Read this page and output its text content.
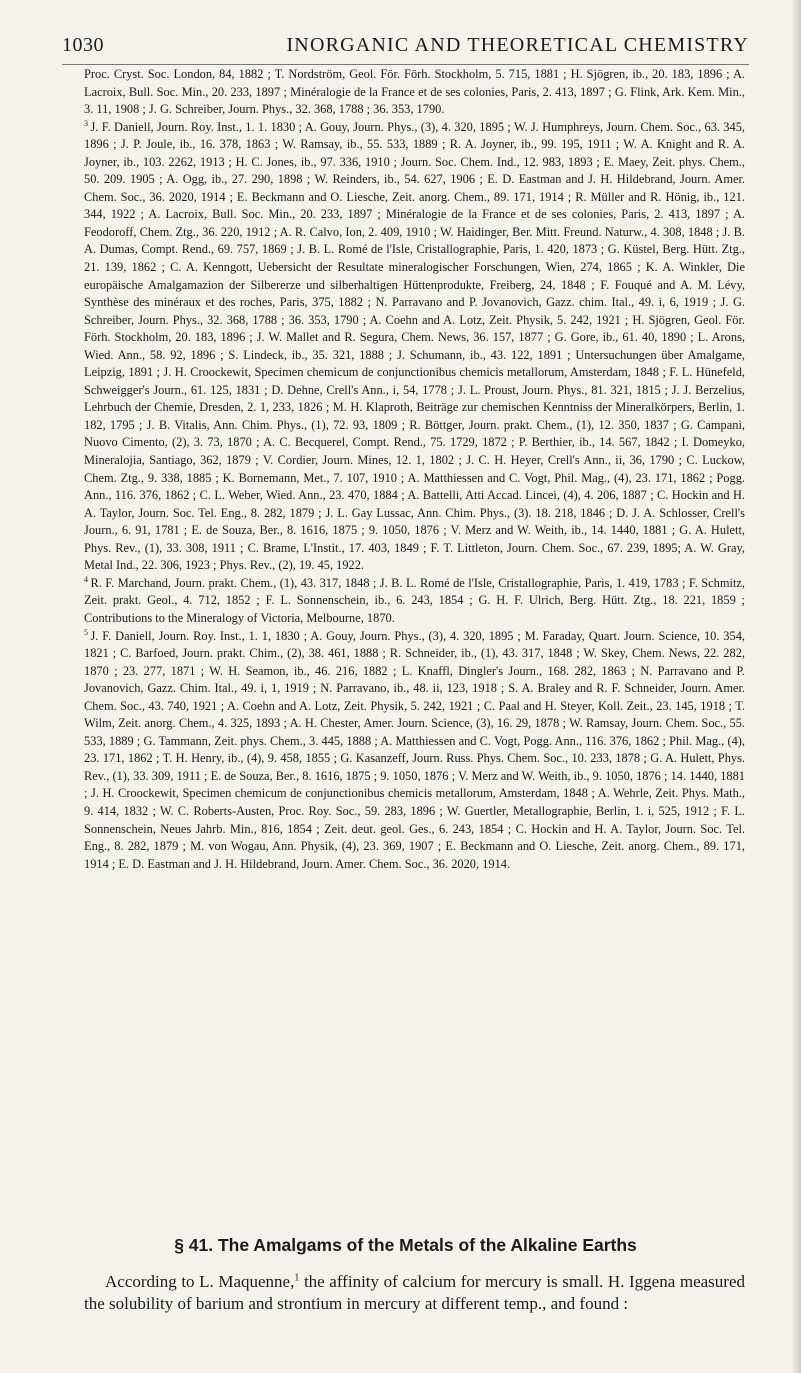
1030	INORGANIC AND THEORETICAL CHEMISTRY

Proc. Cryst. Soc. London, 84, 1882 ; T. Nordström, Geol. För. Förh. Stockholm, 5. 715, 1881 ; H. Sjögren, ib., 20. 183, 1896 ; A. Lacroix, Bull. Soc. Min., 20. 233, 1897 ; Minéralogie de la France et de ses colonies, Paris, 2. 413, 1897 ; G. Flink, Ark. Kem. Min., 3. 11, 1908 ; J. G. Schreiber, Journ. Phys., 32. 368, 1788 ; 36. 353, 1790.

$^3$  J. F. Daniell, Journ. Roy. Inst., 1. 1. 1830 ; A. Gouy, Journ. Phys., (3), 4. 320, 1895 ; W. J. Humphreys, Journ. Chem. Soc., 63. 345, 1896 ; J. P. Joule, ib., 16. 378, 1863 ; W. Ramsay, ib., 55. 533, 1889 ; R. A. Joyner, ib., 99. 195, 1911 ; W. A. Knight and R. A. Joyner, ib., 103. 2262, 1913 ; H. C. Jones, ib., 97. 336, 1910 ; Journ. Soc. Chem. Ind., 12. 983, 1893 ; E. Maey, Zeit. phys. Chem., 50. 209. 1905 ; A. Ogg, ib., 27. 290, 1898 ; W. Reinders, ib., 54. 627, 1906 ; E. D. Eastman and J. H. Hildebrand, Journ. Amer. Chem. Soc., 36. 2020, 1914 ; E. Beckmann and O. Liesche, Zeit. anorg. Chem., 89. 171, 1914 ; R. Müller and R. Hönig, ib., 121. 344, 1922 ; A. Lacroix, Bull. Soc. Min., 20. 233, 1897 ; Minéralogie de la France et de ses colonies, Paris, 2. 413, 1897 ; A. Feodoroff, Chem. Ztg., 36. 220, 1912 ; A. R. Calvo, Ion, 2. 409, 1910 ; W. Haidinger, Ber. Mitt. Freund. Naturw., 4. 308, 1848 ; J. B. A. Dumas, Compt. Rend., 69. 757, 1869 ; J. B. L. Romé de l'Isle, Cristallographie, Paris, 1. 420, 1873 ; G. Küstel, Berg. Hütt. Ztg., 21. 139, 1862 ; C. A. Kenngott, Uebersicht der Resultate mineralogischer Forschungen, Wien, 274, 1865 ; K. A. Winkler, Die europäische Amalgamazion der Silbererze und silberhaltigen Hüttenprodukte, Freiberg, 24, 1848 ; F. Fouqué and A. M. Lévy, Synthèse des minéraux et des roches, Paris, 375, 1882 ; N. Parravano and P. Jovanovich, Gazz. chim. Ital., 49. i, 6, 1919 ; J. G. Schreiber, Journ. Phys., 32. 368, 1788 ; 36. 353, 1790 ; A. Coehn and A. Lotz, Zeit. Physik, 5. 242, 1921 ; H. Sjögren, Geol. För. Förh. Stockholm, 20. 183, 1896 ; J. W. Mallet and R. Segura, Chem. News, 36. 157, 1877 ; G. Gore, ib., 61. 40, 1890 ; L. Arons, Wied. Ann., 58. 92, 1896 ; S. Lindeck, ib., 35. 321, 1888 ; J. Schumann, ib., 43. 122, 1891 ; Untersuchungen über Amalgame, Leipzig, 1891 ; J. H. Croockewit, Specimen chemicum de conjunctionibus chemicis metallorum, Amsterdam, 1848 ; F. L. Hünefeld, Schweigger's Journ., 61. 125, 1831 ; D. Dehne, Crell's Ann., i, 54, 1778 ; J. L. Proust, Journ. Phys., 81. 321, 1815 ; J. J. Berzelius, Lehrbuch der Chemie, Dresden, 2. 1, 233, 1826 ; M. H. Klaproth, Beiträge zur chemischen Kenntniss der Mineralkörpers, Berlin, 1. 182, 1795 ; J. B. Vitalis, Ann. Chim. Phys., (1), 72. 93, 1809 ; R. Böttger, Journ. prakt. Chem., (1), 12. 350, 1837 ; G. Campani, Nuovo Cimento, (2), 3. 73, 1870 ; A. C. Becquerel, Compt. Rend., 75. 1729, 1872 ; P. Berthier, ib., 14. 567, 1842 ; I. Domeyko, Mineralojia, Santiago, 362, 1879 ; V. Cordier, Journ. Mines, 12. 1, 1802 ; J. C. H. Heyer, Crell's Ann., ii, 36, 1790 ; C. Luckow, Chem. Ztg., 9. 338, 1885 ; K. Bornemann, Met., 7. 107, 1910 ; A. Matthiessen and C. Vogt, Phil. Mag., (4), 23. 171, 1862 ; Pogg. Ann., 116. 376, 1862 ; C. L. Weber, Wied. Ann., 23. 470, 1884 ; A. Battelli, Atti Accad. Lincei, (4), 4. 206, 1887 ; C. Hockin and H. A. Taylor, Journ. Soc. Tel. Eng., 8. 282, 1879 ; J. L. Gay Lussac, Ann. Chim. Phys., (3). 18. 218, 1846 ; D. J. A. Schlosser, Crell's Journ., 6. 91, 1781 ; E. de Souza, Ber., 8. 1616, 1875 ; 9. 1050, 1876 ; V. Merz and W. Weith, ib., 14. 1440, 1881 ; G. A. Hulett, Phys. Rev., (1), 33. 308, 1911 ; C. Brame, L'Instit., 17. 403, 1849 ; F. T. Littleton, Journ. Chem. Soc., 67. 239, 1895; A. W. Gray, Metal Ind., 22. 306, 1923 ; Phys. Rev., (2), 19. 45, 1922.

$^4$  R. F. Marchand, Journ. prakt. Chem., (1), 43. 317, 1848 ; J. B. L. Romé de l'Isle, Cristallographie, Paris, 1. 419, 1783 ; F. Schmitz, Zeit. prakt. Geol., 4. 712, 1852 ; F. L. Sonnenschein, ib., 6. 243, 1854 ; G. H. F. Ulrich, Berg. Hütt. Ztg., 18. 221, 1859 ; Contributions to the Mineralogy of Victoria, Melbourne, 1870.

$^5$  J. F. Daniell, Journ. Roy. Inst., 1. 1, 1830 ; A. Gouy, Journ. Phys., (3), 4. 320, 1895 ; M. Faraday, Quart. Journ. Science, 10. 354, 1821 ; C. Barfoed, Journ. prakt. Chim., (2), 38. 461, 1888 ; R. Schneider, ib., (1), 43. 317, 1848 ; W. Skey, Chem. News, 22. 282, 1870 ; 23. 277, 1871 ; W. H. Seamon, ib., 46. 216, 1882 ; L. Knaffl, Dingler's Journ., 168. 282, 1863 ; N. Parravano and P. Jovanovich, Gazz. Chim. Ital., 49. i, 1, 1919 ; N. Parravano, ib., 48. ii, 123, 1918 ; S. A. Braley and R. F. Schneider, Journ. Amer. Chem. Soc., 43. 740, 1921 ; A. Coehn and A. Lotz, Zeit. Physik, 5. 242, 1921 ; C. Paal and H. Steyer, Koll. Zeit., 23. 145, 1918 ; T. Wilm, Zeit. anorg. Chem., 4. 325, 1893 ; A. H. Chester, Amer. Journ. Science, (3), 16. 29, 1878 ; W. Ramsay, Journ. Chem. Soc., 55. 533, 1889 ; G. Tammann, Zeit. phys. Chem., 3. 445, 1888 ; A. Matthiessen and C. Vogt, Pogg. Ann., 116. 376, 1862 ; Phil. Mag., (4), 23. 171, 1862 ; T. H. Henry, ib., (4), 9. 458, 1855 ; G. Kasanzeff, Journ. Russ. Phys. Chem. Soc., 10. 233, 1878 ; G. A. Hulett, Phys. Rev., (1), 33. 309, 1911 ; E. de Souza, Ber., 8. 1616, 1875 ; 9. 1050, 1876 ; V. Merz and W. Weith, ib., 9. 1050, 1876 ; 14. 1440, 1881 ; J. H. Croockewit, Specimen chemicum de conjunctionibus chemicis metallorum, Amsterdam, 1848 ; A. Wehrle, Zeit. Phys. Math., 9. 414, 1832 ; W. C. Roberts-Austen, Proc. Roy. Soc., 59. 283, 1896 ; W. Guertler, Metallographie, Berlin, 1. i, 525, 1912 ; F. L. Sonnenschein, Neues Jahrb. Min., 816, 1854 ; Zeit. deut. geol. Ges., 6. 243, 1854 ; C. Hockin and H. A. Taylor, Journ. Soc. Tel. Eng., 8. 282, 1879 ; M. von Wogau, Ann. Physik, (4), 23. 369, 1907 ; E. Beckmann and O. Liesche, Zeit. anorg. Chem., 89. 171, 1914 ; E. D. Eastman and J. H. Hildebrand, Journ. Amer. Chem. Soc., 36. 2020, 1914.

§ 41. The Amalgams of the Metals of the Alkaline Earths

According to L. Maquenne,$^1$ the affinity of calcium for mercury is small. H. Iggena measured the solubility of barium and strontium in mercury at different temp., and found :
